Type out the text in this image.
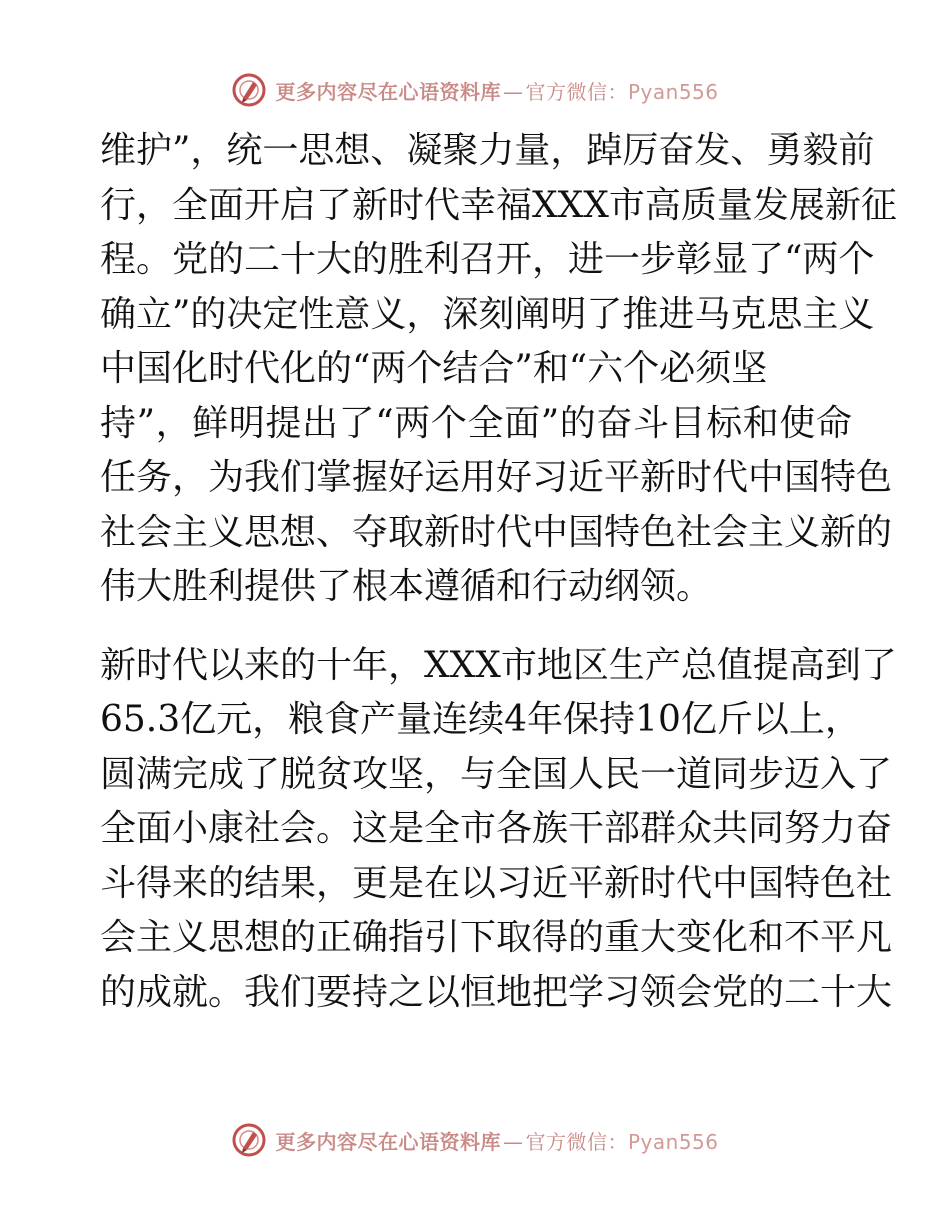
更多内容尽在心语资料库 — 官方微信：Pyan556

维护”，统一思想、凝聚力量，踔厉奋发、勇毅前
行，全面开启了新时代幸福XXX市高质量发展新征
程。党的二十大的胜利召开，进一步彰显了“两个
确立”的决定性意义，深刻阐明了推进马克思主义
中国化时代化的“两个结合”和“六个必须坚
持”，鲜明提出了“两个全面”的奋斗目标和使命
任务，为我们掌握好运用好习近平新时代中国特色
社会主义思想、夺取新时代中国特色社会主义新的
伟大胜利提供了根本遵循和行动纲领。

新时代以来的十年，XXX市地区生产总值提高到了
65.3亿元，粮食产量连续4年保持10亿斤以上，
圆满完成了脱贫攻坚，与全国人民一道同步迈入了
全面小康社会。这是全市各族干部群众共同努力奋
斗得来的结果，更是在以习近平新时代中国特色社
会主义思想的正确指引下取得的重大变化和不平凡
的成就。我们要持之以恒地把学习领会党的二十大

更多内容尽在心语资料库 — 官方微信：Pyan556
